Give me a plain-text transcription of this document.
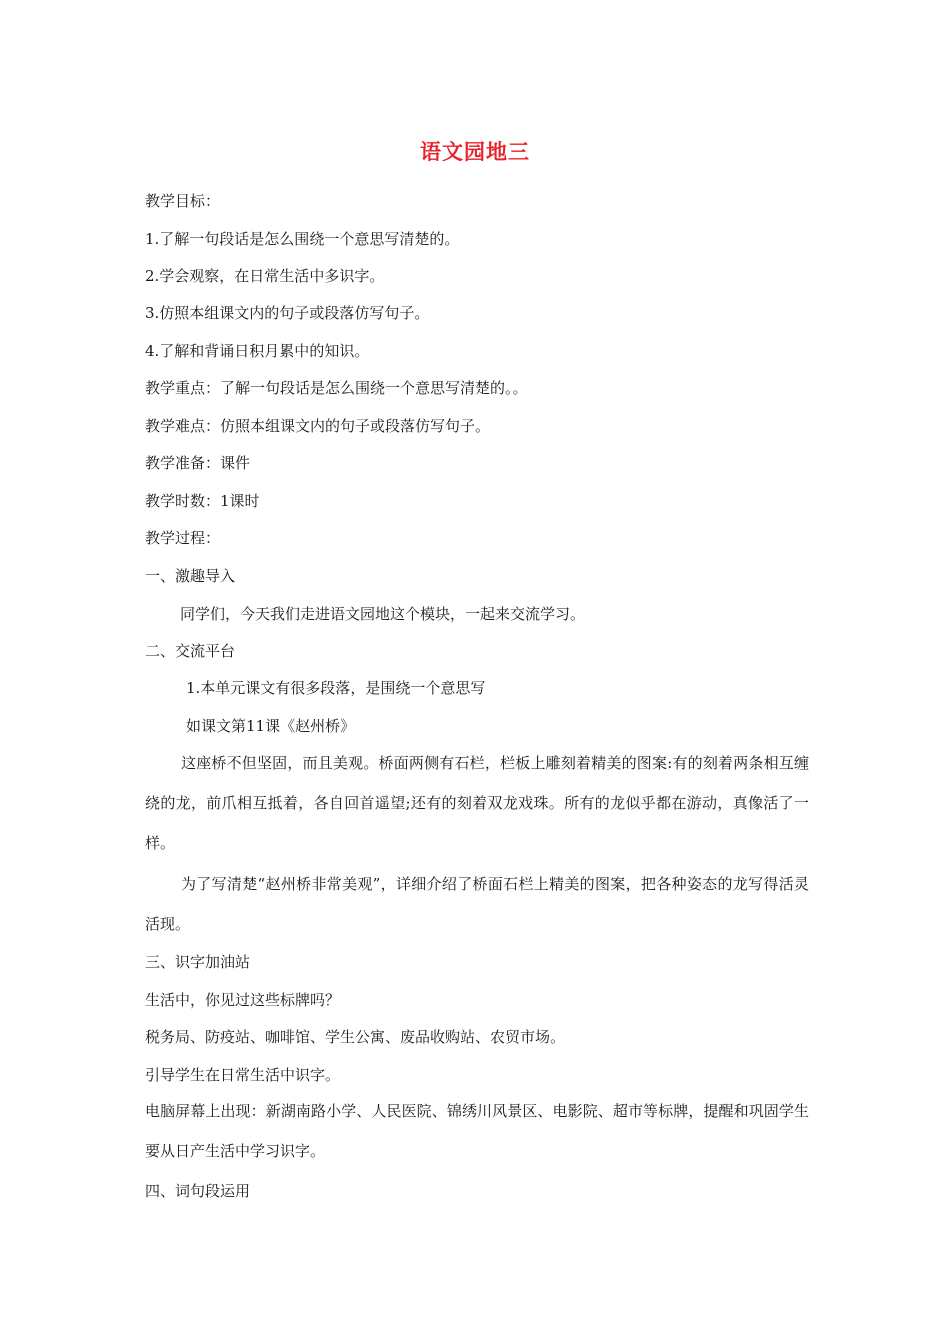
语文园地三
教学目标：
1.了解一句段话是怎么围绕一个意思写清楚的。
2.学会观察，在日常生活中多识字。
3.仿照本组课文内的句子或段落仿写句子。
4.了解和背诵日积月累中的知识。
教学重点：了解一句段话是怎么围绕一个意思写清楚的。。
教学难点：仿照本组课文内的句子或段落仿写句子。
教学准备：课件
教学时数：1课时
教学过程：
一、激趣导入
同学们，今天我们走进语文园地这个模块，一起来交流学习。
二、交流平台
1.本单元课文有很多段落，是围绕一个意思写
如课文第11课《赵州桥》
这座桥不但坚固，而且美观。桥面两侧有石栏，栏板上雕刻着精美的图案:有的刻着两条相互缠绕的龙，前爪相互抵着，各自回首遥望;还有的刻着双龙戏珠。所有的龙似乎都在游动，真像活了一样。
为了写清楚“赵州桥非常美观”，详细介绍了桥面石栏上精美的图案，把各种姿态的龙写得活灵活现。
三、识字加油站
生活中，你见过这些标牌吗？
税务局、防疫站、咖啡馆、学生公寓、废品收购站、农贸市场。
引导学生在日常生活中识字。
电脑屏幕上出现：新湖南路小学、人民医院、锦绣川风景区、电影院、超市等标牌，提醒和巩固学生要从日产生活中学习识字。
四、词句段运用
